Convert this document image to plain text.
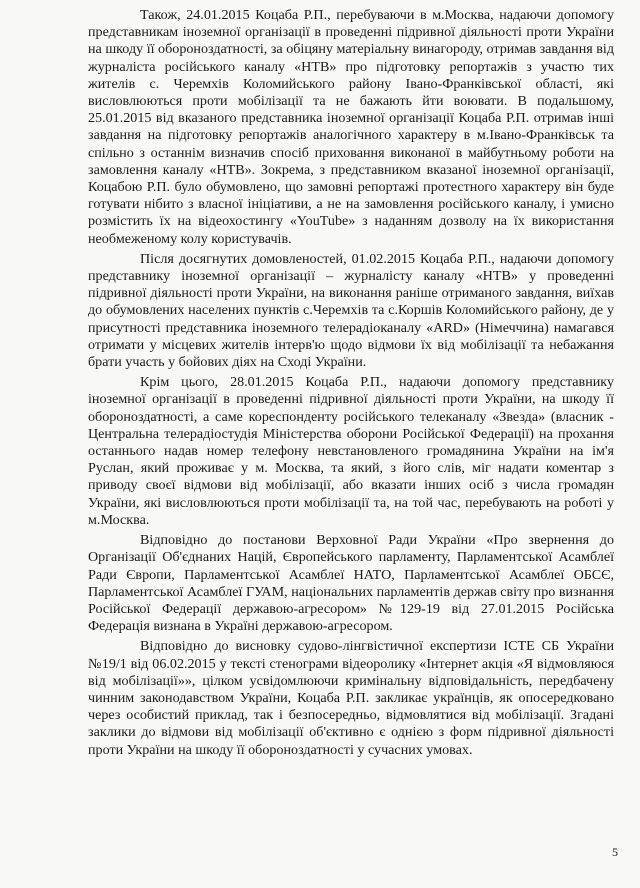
Також, 24.01.2015 Коцаба Р.П., перебуваючи в м.Москва, надаючи допомогу представникам іноземної організації в проведенні підривної діяльності проти України на шкоду її обороноздатності, за обіцяну матеріальну винагороду, отримав завдання від журналіста російського каналу «НТВ» про підготовку репортажів з участю тих жителів с. Черемхів Коломийського району Івано-Франківської області, які висловлюються проти мобілізації та не бажають йти воювати. В подальшому, 25.01.2015 від вказаного представника іноземної організації Коцаба Р.П. отримав інші завдання на підготовку репортажів аналогічного характеру в м.Івано-Франківськ та спільно з останнім визначив спосіб приховання виконаної в майбутньому роботи на замовлення каналу «НТВ». Зокрема, з представником вказаної іноземної організації, Коцабою Р.П. було обумовлено, що замовні репортажі протестного характеру він буде готувати нібито з власної ініціативи, а не на замовлення російського каналу, і умисно розмістить їх на відеохостингу «YouTube» з наданням дозволу на їх використання необмеженому колу користувачів.

Після досягнутих домовленостей, 01.02.2015 Коцаба Р.П., надаючи допомогу представнику іноземної організації – журналісту каналу «НТВ» у проведенні підривної діяльності проти України, на виконання раніше отриманого завдання, виїхав до обумовлених населених пунктів с.Черемхів та с.Коршів Коломийського району, де у присутності представника іноземного телерадіоканалу «ARD» (Німеччина) намагався отримати у місцевих жителів інтерв'ю щодо відмови їх від мобілізації та небажання брати участь у бойових діях на Сході України.

Крім цього, 28.01.2015 Коцаба Р.П., надаючи допомогу представнику іноземної організації в проведенні підривної діяльності проти України, на шкоду її обороноздатності, а саме кореспонденту російського телеканалу «Звезда» (власник - Центральна телерадіостудія Міністерства оборони Російської Федерації) на прохання останнього надав номер телефону невстановленого громадянина України на ім'я Руслан, який проживає у м. Москва, та який, з його слів, міг надати коментар з приводу своєї відмови від мобілізації, або вказати інших осіб з числа громадян України, які висловлюються проти мобілізації та, на той час, перебувають на роботі у м.Москва.

Відповідно до постанови Верховної Ради України «Про звернення до Організації Об'єднаних Націй, Європейського парламенту, Парламентської Асамблеї Ради Європи, Парламентської Асамблеї НАТО, Парламентської Асамблеї ОБСЄ, Парламентської Асамблеї ГУАМ, національних парламентів держав світу про визнання Російської Федерації державою-агресором» №129-19 від 27.01.2015 Російська Федерація визнана в Україні державою-агресором.

Відповідно до висновку судово-лінгвістичної експертизи ІСТЕ СБ України №19/1 від 06.02.2015 у тексті стенограми відеоролику «Інтернет акція «Я відмовляюся від мобілізації»», цілком усвідомлюючи кримінальну відповідальність, передбачену чинним законодавством України, Коцаба Р.П. закликає українців, як опосередковано через особистий приклад, так і безпосередньо, відмовлятися від мобілізації. Згадані заклики до відмови від мобілізації об'єктивно є однією з форм підривної діяльності проти України на шкоду її обороноздатності у сучасних умовах.

5
